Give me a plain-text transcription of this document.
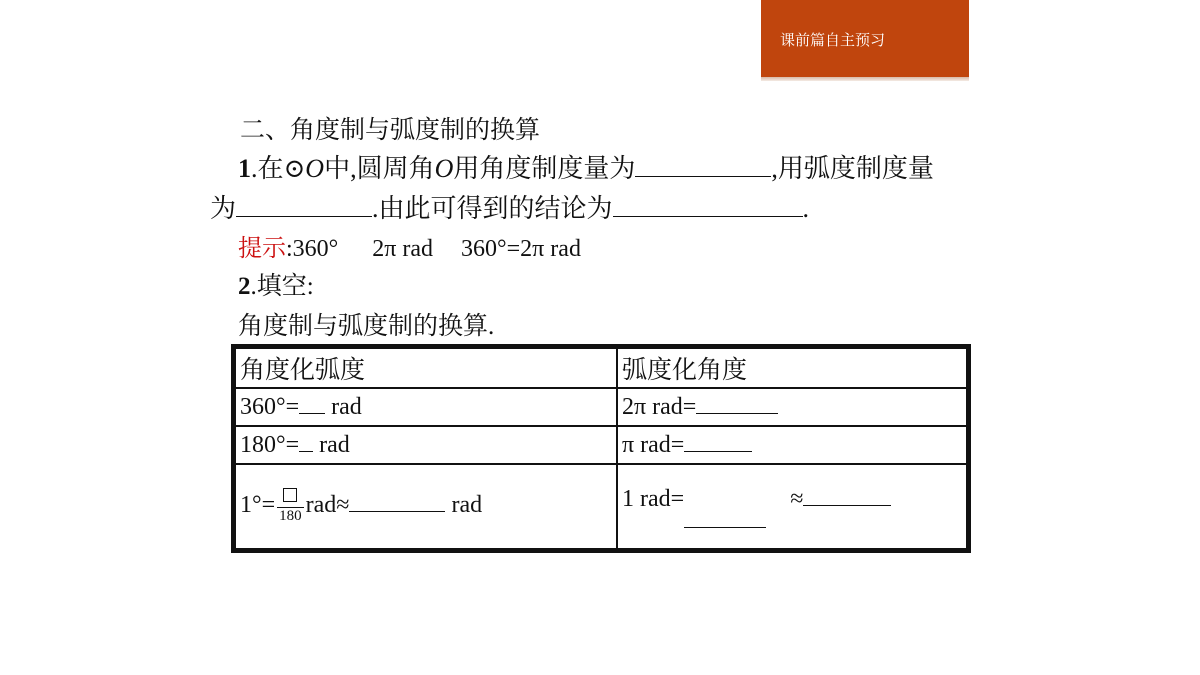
课前篇自主预习
二、角度制与弧度制的换算
1.在⊙O中,圆周角O用角度制度量为	,用弧度制度量
为	.由此可得到的结论为	.
提示:360° 2π rad 360°=2π rad
2.填空:
角度制与弧度制的换算.
角度化弧度	弧度化角度
360°= rad	2π rad=
180°= rad	π rad=
1°= 180 rad≈ rad	1 rad= ≈
